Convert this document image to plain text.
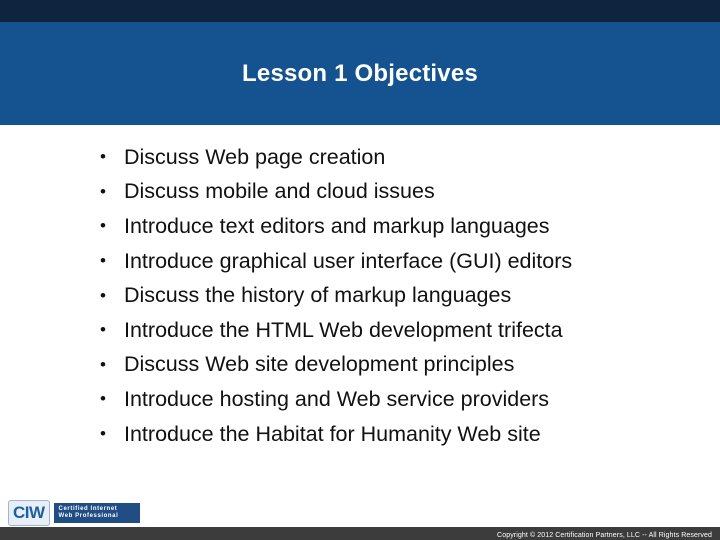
Lesson 1 Objectives
• Discuss Web page creation
• Discuss mobile and cloud issues
• Introduce text editors and markup languages
• Introduce graphical user interface (GUI) editors
• Discuss the history of markup languages
• Introduce the HTML Web development trifecta
• Discuss Web site development principles
• Introduce hosting and Web service providers
• Introduce the Habitat for Humanity Web site
CIW Certified Internet
Web Professional
Copyright © 2012 Certification Partners, LLC -- All Rights Reserved
